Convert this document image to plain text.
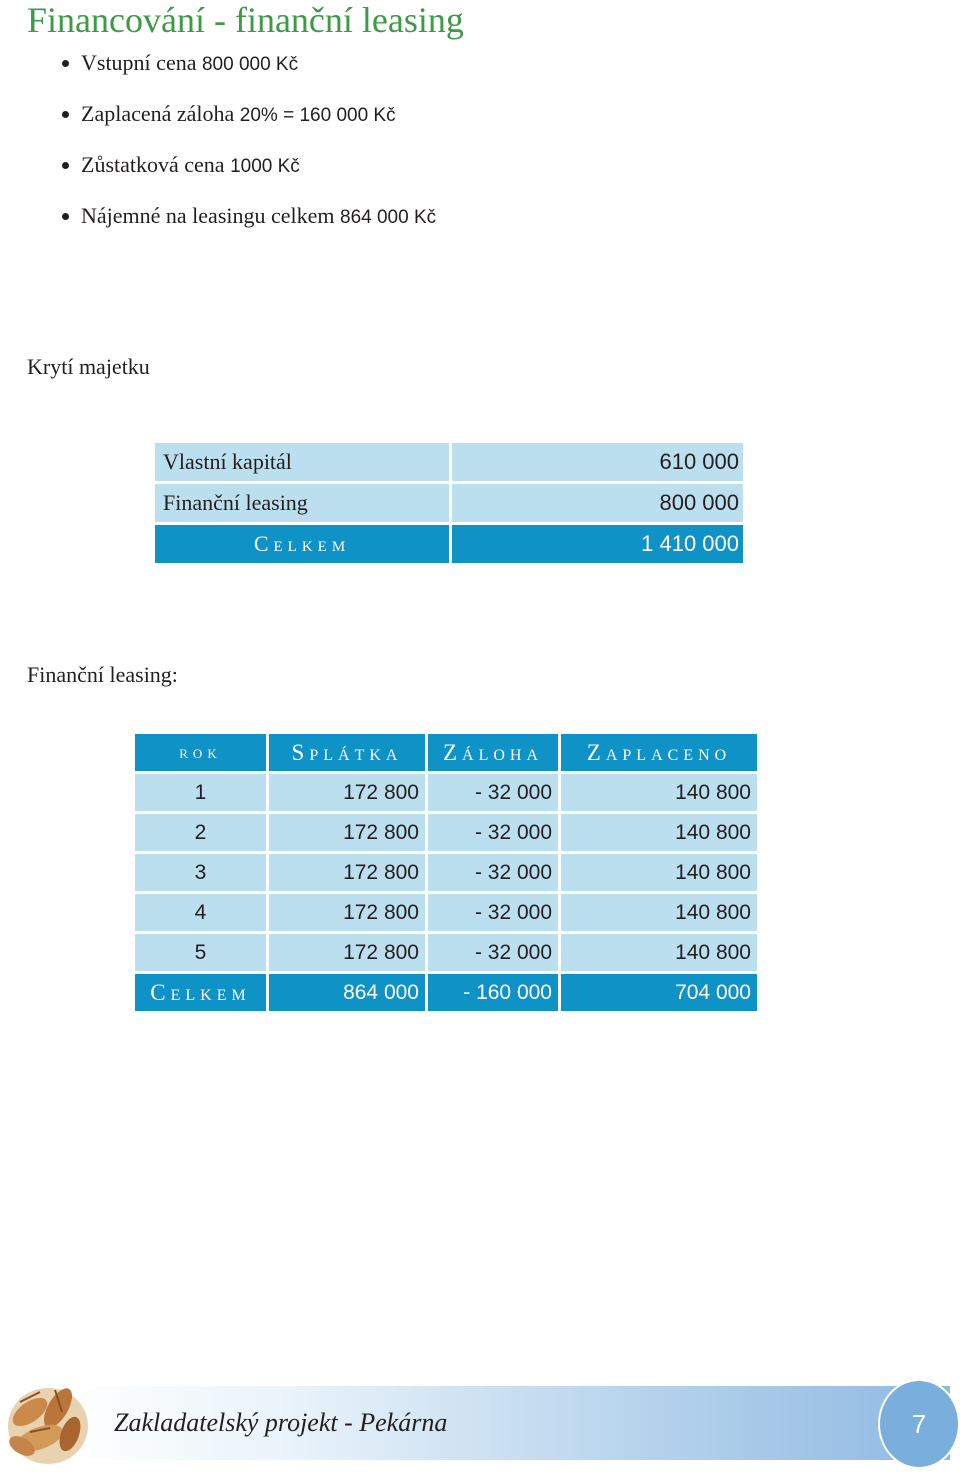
Financování - finanční leasing
Vstupní cena 800 000 Kč
Zaplacená záloha 20% = 160 000 Kč
Zůstatková cena 1000 Kč
Nájemné na leasingu celkem 864 000 Kč
Krytí majetku
Vlastní kapitál	610 000
Finanční leasing	800 000
Celkem	1 410 000
Finanční leasing:
rok	Splátka	Záloha	Zaplaceno
1	172 800	- 32 000	140 800
2	172 800	- 32 000	140 800
3	172 800	- 32 000	140 800
4	172 800	- 32 000	140 800
5	172 800	- 32 000	140 800
Celkem	864 000	- 160 000	704 000
Zakladatelský projekt - Pekárna	7
